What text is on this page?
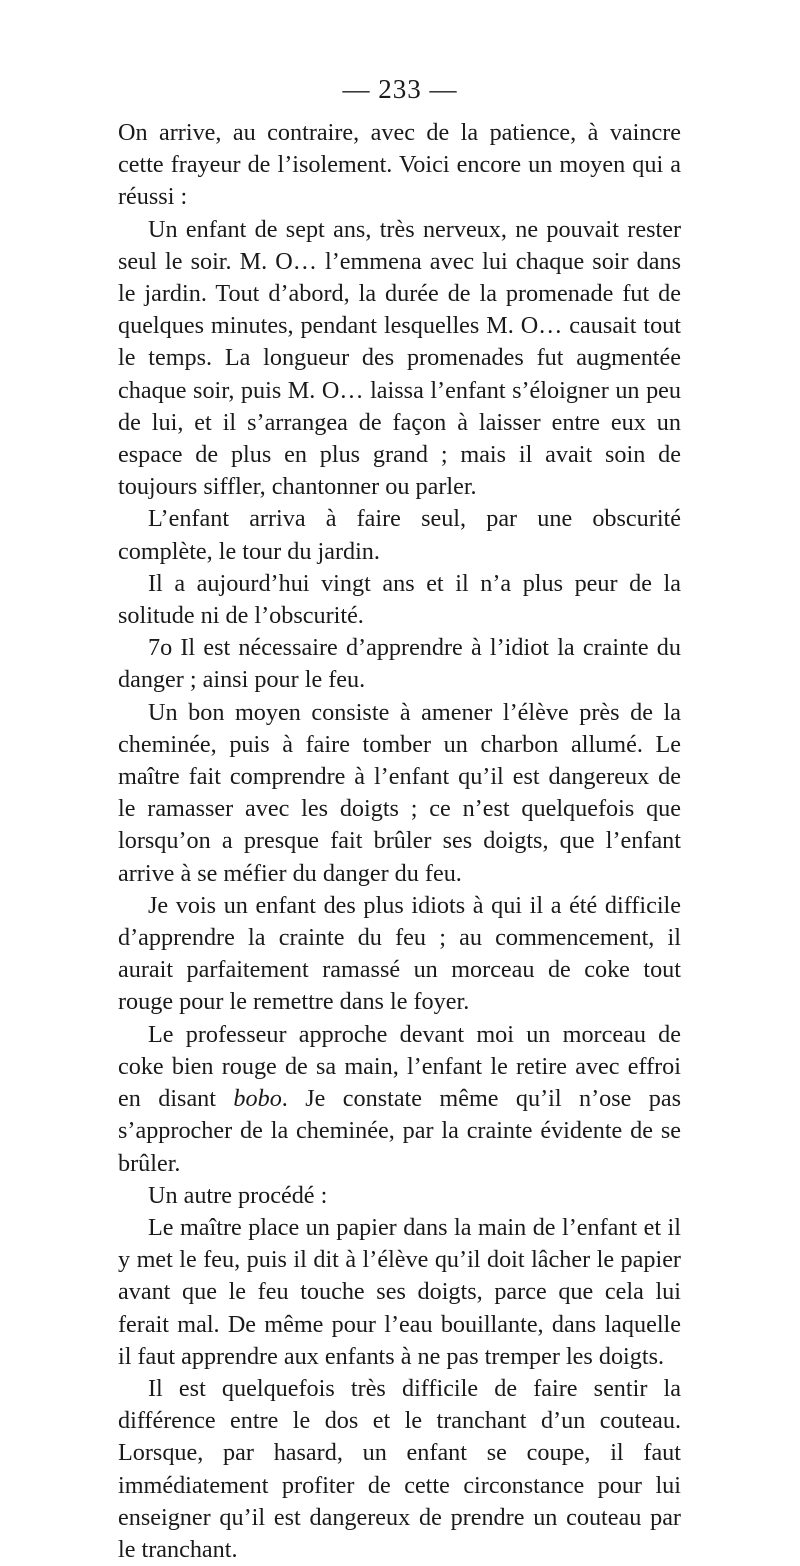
— 233 —

On arrive, au contraire, avec de la patience, à vaincre cette frayeur de l’isolement. Voici encore un moyen qui a réussi :

Un enfant de sept ans, très nerveux, ne pouvait rester seul le soir. M. O… l’emmena avec lui chaque soir dans le jardin. Tout d’abord, la durée de la promenade fut de quelques minutes, pendant lesquelles M. O… causait tout le temps. La longueur des promenades fut augmentée chaque soir, puis M. O… laissa l’enfant s’éloigner un peu de lui, et il s’arrangea de façon à laisser entre eux un espace de plus en plus grand ; mais il avait soin de toujours siffler, chantonner ou parler.

L’enfant arriva à faire seul, par une obscurité complète, le tour du jardin.

Il a aujourd’hui vingt ans et il n’a plus peur de la solitude ni de l’obscurité.

7o Il est nécessaire d’apprendre à l’idiot la crainte du danger ; ainsi pour le feu.

Un bon moyen consiste à amener l’élève près de la cheminée, puis à faire tomber un charbon allumé. Le maître fait comprendre à l’enfant qu’il est dangereux de le ramasser avec les doigts ; ce n’est quelquefois que lorsqu’on a presque fait brûler ses doigts, que l’enfant arrive à se méfier du danger du feu.

Je vois un enfant des plus idiots à qui il a été difficile d’apprendre la crainte du feu ; au commencement, il aurait parfaitement ramassé un morceau de coke tout rouge pour le remettre dans le foyer.

Le professeur approche devant moi un morceau de coke bien rouge de sa main, l’enfant le retire avec effroi en disant bobo. Je constate même qu’il n’ose pas s’approcher de la cheminée, par la crainte évidente de se brûler.

Un autre procédé :

Le maître place un papier dans la main de l’enfant et il y met le feu, puis il dit à l’élève qu’il doit lâcher le papier avant que le feu touche ses doigts, parce que cela lui ferait mal. De même pour l’eau bouillante, dans laquelle il faut apprendre aux enfants à ne pas tremper les doigts.

Il est quelquefois très difficile de faire sentir la différence entre le dos et le tranchant d’un couteau. Lorsque, par hasard, un enfant se coupe, il faut immédiatement profiter de cette circonstance pour lui enseigner qu’il est dangereux de prendre un couteau par le tranchant.
